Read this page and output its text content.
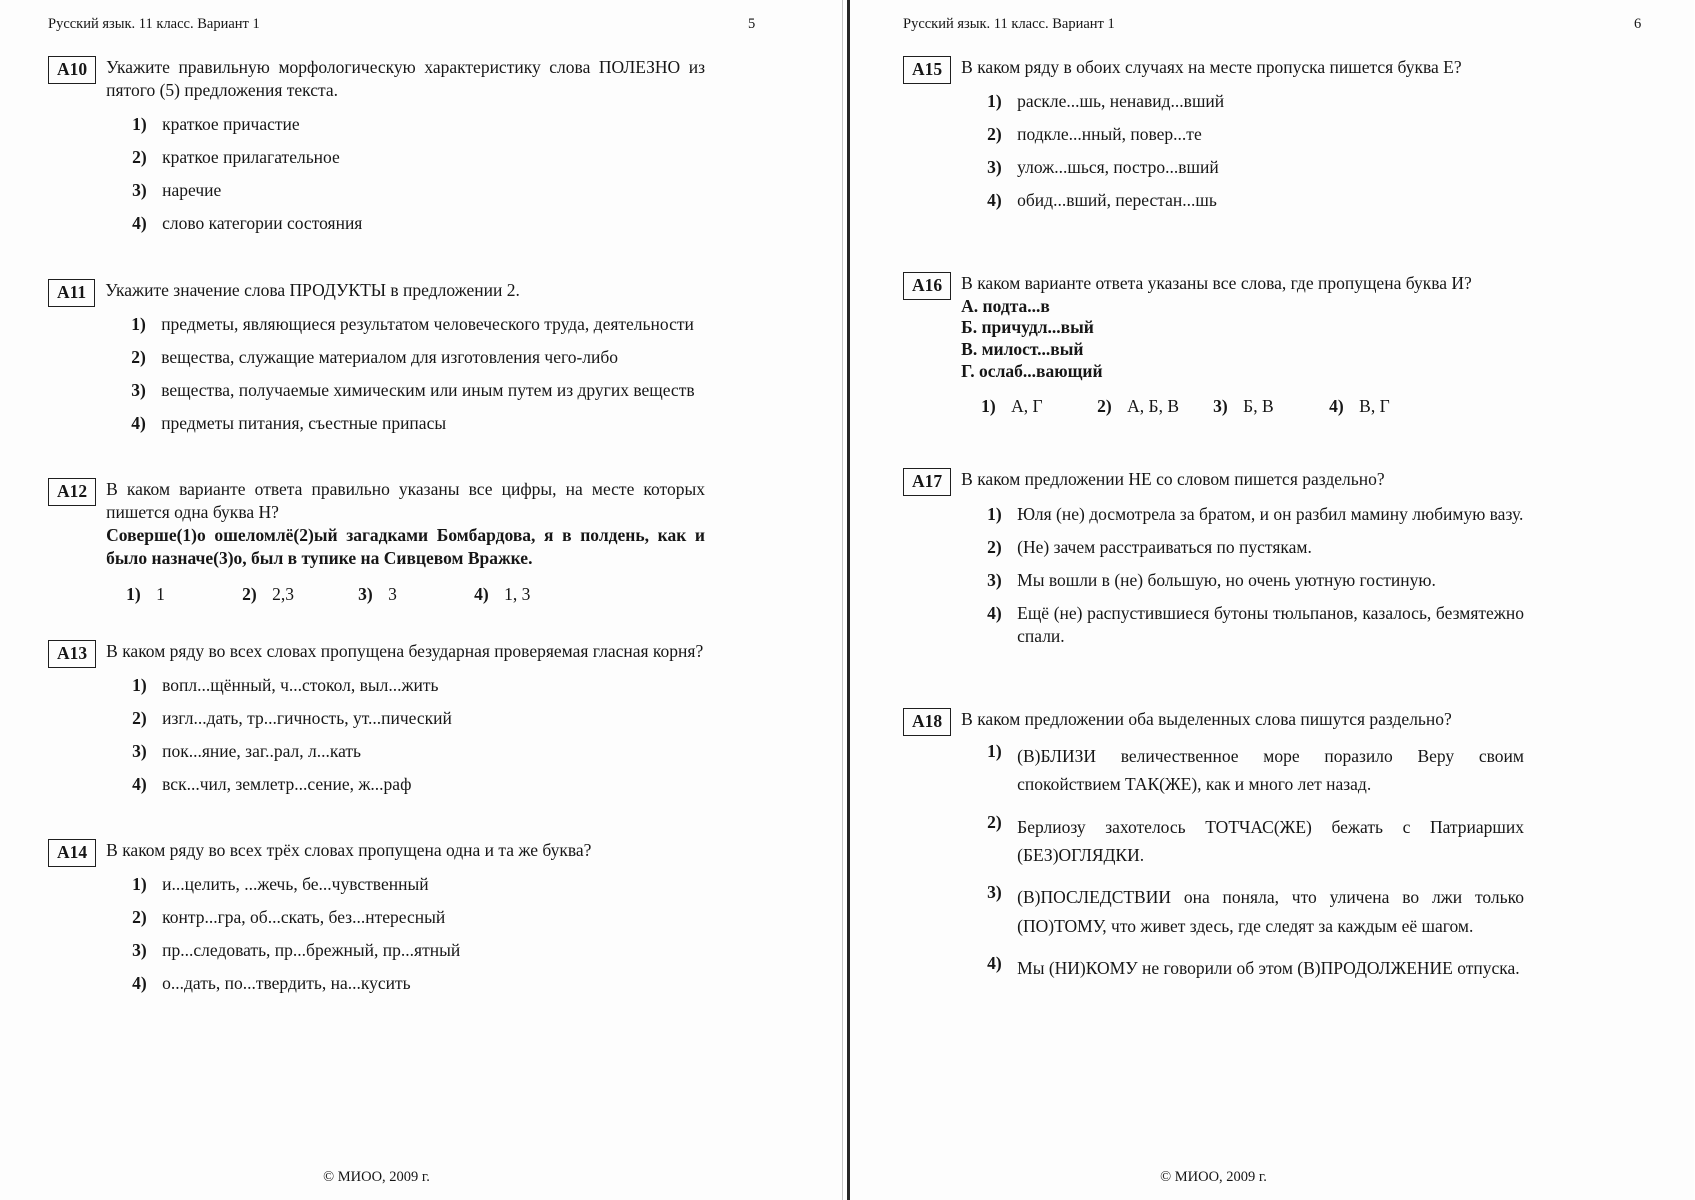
Русский язык. 11 класс. Вариант 1	5
A10	Укажите правильную морфологическую характеристику слова ПОЛЕЗНО из пятого (5) предложения текста.
1) краткое причастие
2) краткое прилагательное
3) наречие
4) слово категории состояния
A11	Укажите значение слова ПРОДУКТЫ в предложении 2.
1) предметы, являющиеся результатом человеческого труда, деятельности
2) вещества, служащие материалом для изготовления чего-либо
3) вещества, получаемые химическим или иным путем из других веществ
4) предметы питания, съестные припасы
A12	В каком варианте ответа правильно указаны все цифры, на месте которых пишется одна буква Н?
Соверше(1)о ошеломлё(2)ый загадками Бомбардова, я в полдень, как и было назначе(3)о, был в тупике на Сивцевом Вражке.
1) 1	2) 2,3	3) 3	4) 1, 3
A13	В каком ряду во всех словах пропущена безударная проверяемая гласная корня?
1) вопл...щённый, ч...стокол, выл...жить
2) изгл...дать, тр...гичность, ут...пический
3) пок...яние, заг..рал, л...кать
4) вск...чил, землетр...сение, ж...раф
A14	В каком ряду во всех трёх словах пропущена одна и та же буква?
1) и...целить, ...жечь, бе...чувственный
2) контр...гра, об...скать, без...нтересный
3) пр...следовать, пр...брежный, пр...ятный
4) о...дать, по...твердить, на...кусить
© МИОО, 2009 г.
Русский язык. 11 класс. Вариант 1	6
A15	В каком ряду в обоих случаях на месте пропуска пишется буква Е?
1) раскле...шь, ненавид...вший
2) подкле...нный, повер...те
3) улож...шься, постро...вший
4) обид...вший, перестан...шь
A16	В каком варианте ответа указаны все слова, где пропущена буква И?
А. подта...в
Б. причудл...вый
В. милост...вый
Г. ослаб...вающий
1) А, Г	2) А, Б, В	3) Б, В	4) В, Г
A17	В каком предложении НЕ со словом пишется раздельно?
1) Юля (не) досмотрела за братом, и он разбил мамину любимую вазу.
2) (Не) зачем расстраиваться по пустякам.
3) Мы вошли в (не) большую, но очень уютную гостиную.
4) Ещё (не) распустившиеся бутоны тюльпанов, казалось, безмятежно спали.
A18	В каком предложении оба выделенных слова пишутся раздельно?
1) (В)БЛИЗИ величественное море поразило Веру своим спокойствием ТАК(ЖЕ), как и много лет назад.
2) Берлиозу захотелось ТОТЧАС(ЖЕ) бежать с Патриарших (БЕЗ)ОГЛЯДКИ.
3) (В)ПОСЛЕДСТВИИ она поняла, что уличена во лжи только (ПО)ТОМУ, что живет здесь, где следят за каждым её шагом.
4) Мы (НИ)КОМУ не говорили об этом (В)ПРОДОЛЖЕНИЕ отпуска.
© МИОО, 2009 г.
